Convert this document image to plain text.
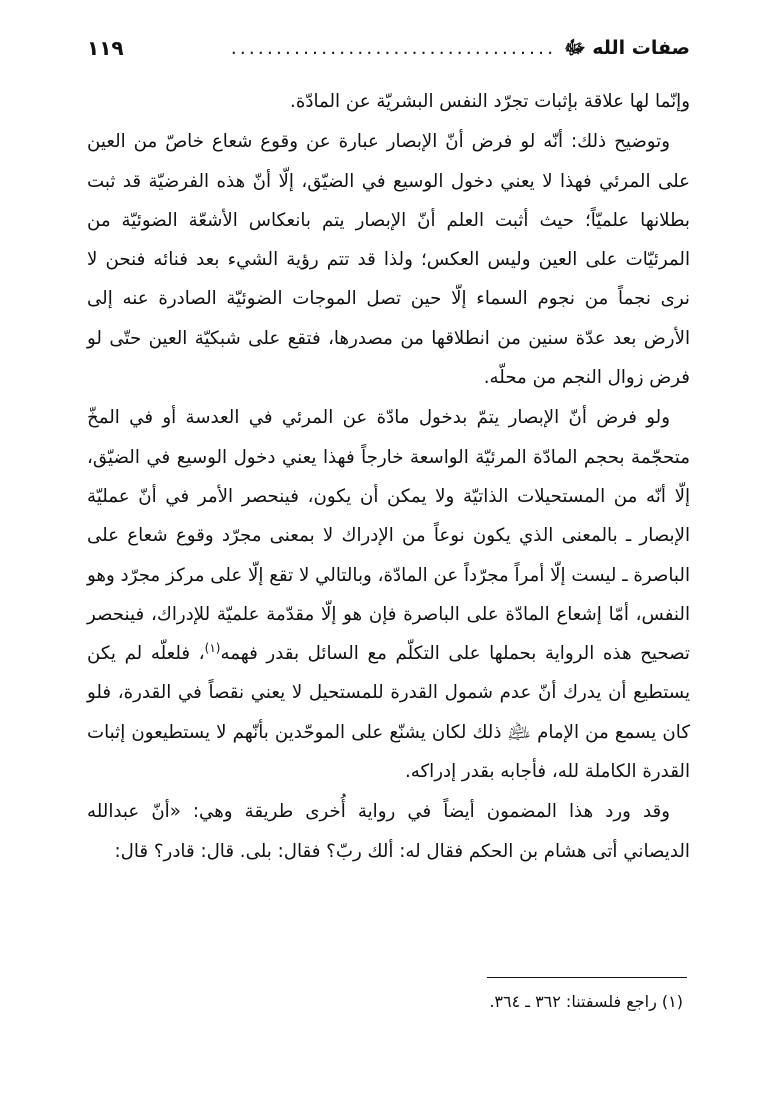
صفات الله ﷻ
....................................
١١٩

وإنّما لها علاقة بإثبات تجرّد النفس البشريّة عن المادّة.

وتوضيح ذلك: أنّه لو فرض أنّ الإبصار عبارة عن وقوع شعاع خاصّ من العين على المرئي فهذا لا يعني دخول الوسيع في الضيّق، إلّا أنّ هذه الفرضيّة قد ثبت بطلانها علميّاً؛ حيث أثبت العلم أنّ الإبصار يتم بانعكاس الأشعّة الضوئيّة من المرئيّات على العين وليس العكس؛ ولذا قد تتم رؤية الشيء بعد فنائه فنحن لا نرى نجماً من نجوم السماء إلّا حين تصل الموجات الضوئيّة الصادرة عنه إلى الأرض بعد عدّة سنين من انطلاقها من مصدرها، فتقع على شبكيّة العين حتّى لو فرض زوال النجم من محلّه.

ولو فرض أنّ الإبصار يتمّ بدخول مادّة عن المرئي في العدسة أو في المخّ متحجّمة بحجم المادّة المرئيّة الواسعة خارجاً فهذا يعني دخول الوسيع في الضيّق، إلّا أنّه من المستحيلات الذاتيّة ولا يمكن أن يكون، فينحصر الأمر في أنّ عمليّة الإبصار ـ بالمعنى الذي يكون نوعاً من الإدراك لا بمعنى مجرّد وقوع شعاع على الباصرة ـ ليست إلّا أمراً مجرّداً عن المادّة، وبالتالي لا تقع إلّا على مركز مجرّد وهو النفس، أمّا إشعاع المادّة على الباصرة فإن هو إلّا مقدّمة علميّة للإدراك، فينحصر تصحيح هذه الرواية بحملها على التكلّم مع السائل بقدر فهمه$^{(١)}$، فلعلّه لم يكن يستطيع أن يدرك أنّ عدم شمول القدرة للمستحيل لا يعني نقصاً في القدرة، فلو كان يسمع من الإمام ﵇ ذلك لكان يشنّع على الموحّدين بأنّهم لا يستطيعون إثبات القدرة الكاملة لله، فأجابه بقدر إدراكه.

وقد ورد هذا المضمون أيضاً في رواية أُخرى طريقة وهي: «أنّ عبدالله الديصاني أتى هشام بن الحكم فقال له: ألك ربّ؟ فقال: بلى. قال: قادر؟ قال:

(١) راجع فلسفتنا: ٣٦٢ ـ ٣٦٤.
